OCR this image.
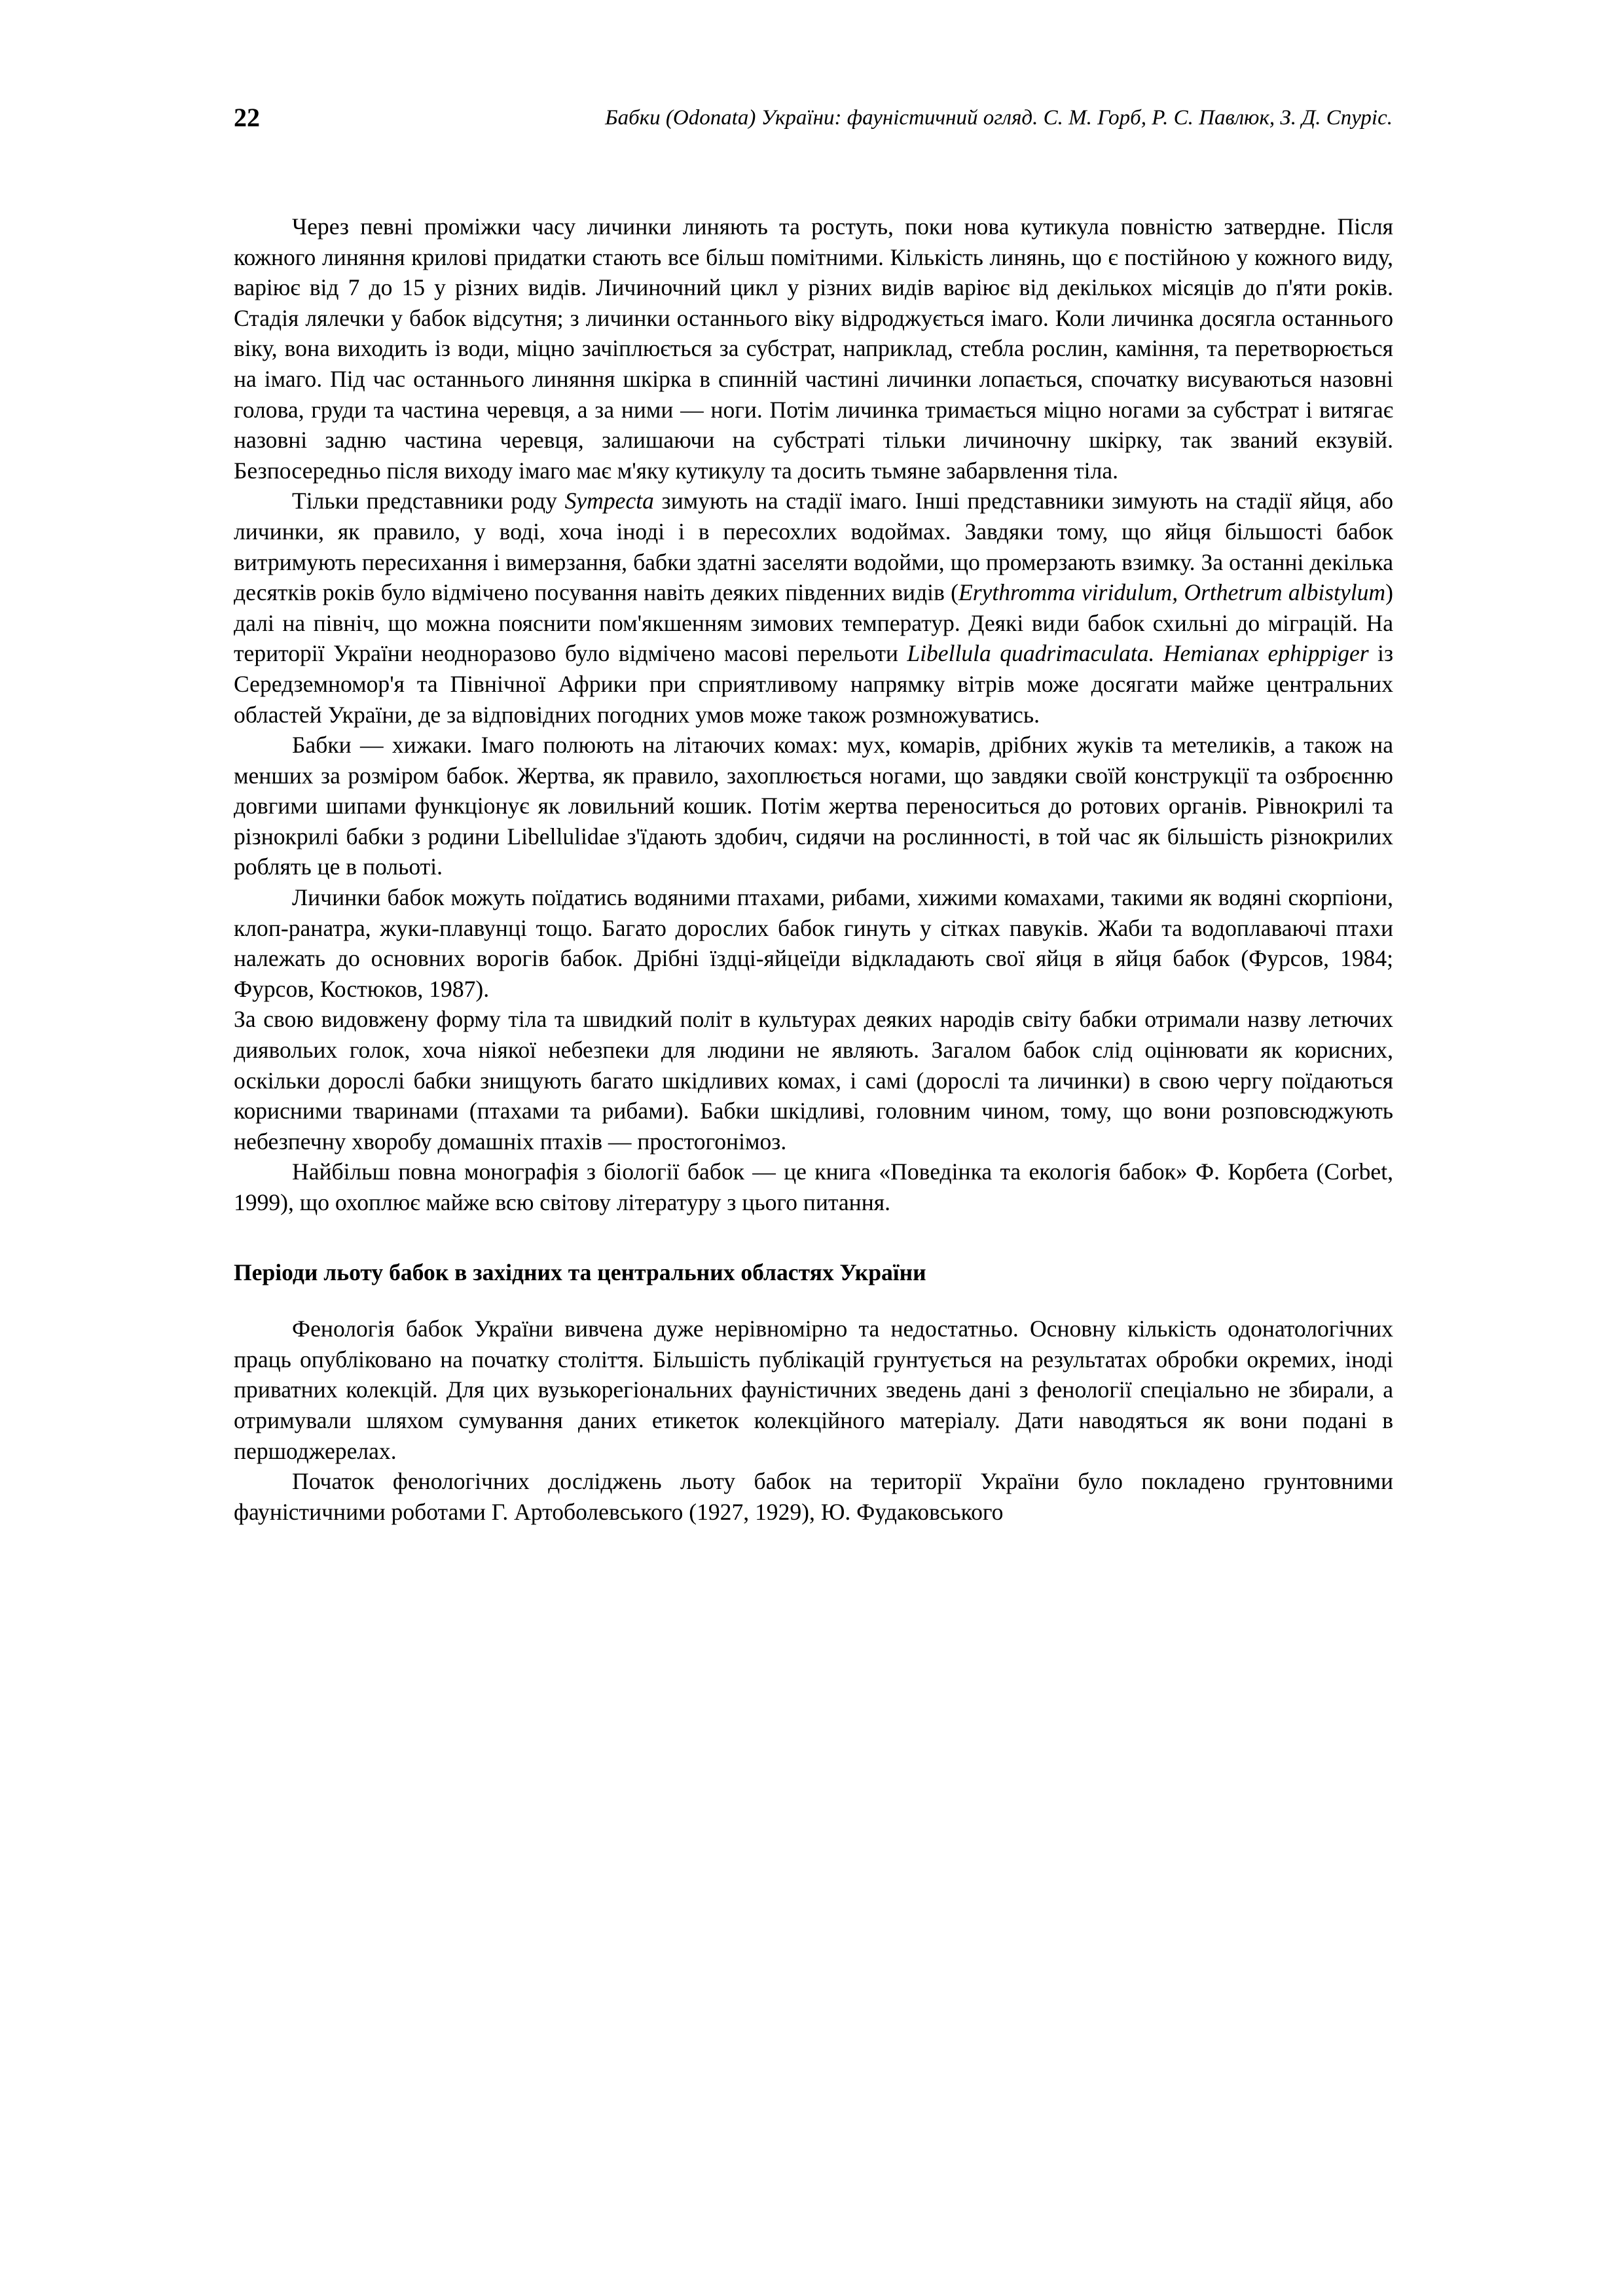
22	Бабки (Odonata) України: фауністичний огляд. С. М. Горб, Р. С. Павлюк, З. Д. Спурiс.

Через певні проміжки часу личинки линяють та ростуть, поки нова кутикула повністю затвердне. Після кожного линяння крилові придатки стають все більш помітними. Кількість линянь, що є постійною у кожного виду, варіює від 7 до 15 у різних видів. Личиночний цикл у різних видів варіює від декількох місяців до п'яти років. Стадія лялечки у бабок відсутня; з личинки останнього віку відроджується імаго. Коли личинка досягла останнього віку, вона виходить із води, міцно зачіплюється за субстрат, наприклад, стебла рослин, каміння, та перетворюється на імаго. Під час останнього линяння шкірка в спинній частині личинки лопається, спочатку висуваються назовні голова, груди та частина черевця, а за ними — ноги. Потім личинка тримається міцно ногами за субстрат і витягає назовні задню частина черевця, залишаючи на субстраті тільки личиночну шкірку, так званий екзувій. Безпосередньо після виходу імаго має м'яку кутикулу та досить тьмяне забарвлення тіла.

Тільки представники роду Sympecta зимують на стадії імаго. Інші представники зимують на стадії яйця, або личинки, як правило, у воді, хоча іноді і в пересохлих водоймах. Завдяки тому, що яйця більшості бабок витримують пересихання і вимерзання, бабки здатні заселяти водойми, що промерзають взимку. За останні декілька десятків років було відмічено посування навіть деяких південних видів (Erythromma viridulum, Orthetrum albistylum) далі на північ, що можна пояснити пом'якшенням зимових температур. Деякі види бабок схильні до міграцій. На території України неодноразово було відмічено масові перельоти Libellula quadrimaculata. Hemianax ephippiger із Середземномор'я та Північної Африки при сприятливому напрямку вітрів може досягати майже центральних областей України, де за відповідних погодних умов може також розмножуватись.

Бабки — хижаки. Імаго полюють на літаючих комах: мух, комарів, дрібних жуків та метеликів, а також на менших за розміром бабок. Жертва, як правило, захоплюється ногами, що завдяки своїй конструкції та озброєнню довгими шипами функціонує як ловильний кошик. Потім жертва переноситься до ротових органів. Рівнокрилі та різнокрилі бабки з родини Libellulidae з'їдають здобич, сидячи на рослинності, в той час як більшість різнокрилих роблять це в польоті.

Личинки бабок можуть поїдатись водяними птахами, рибами, хижими комахами, такими як водяні скорпіони, клоп-ранатра, жуки-плавунці тощо. Багато дорослих бабок гинуть у сітках павуків. Жаби та водоплаваючі птахи належать до основних ворогів бабок. Дрібні їздці-яйцеїди відкладають свої яйця в яйця бабок (Фурсов, 1984; Фурсов, Костюков, 1987).

За свою видовжену форму тіла та швидкий політ в культурах деяких народів світу бабки отримали назву летючих диявольих голок, хоча ніякої небезпеки для людини не являють. Загалом бабок слід оцінювати як корисних, оскільки дорослі бабки знищують багато шкідливих комах, і самі (дорослі та личинки) в свою чергу поїдаються корисними тваринами (птахами та рибами). Бабки шкідливі, головним чином, тому, що вони розповсюджують небезпечну хворобу домашніх птахів — простогонімоз.

Найбільш повна монографія з біології бабок — це книга «Поведінка та екологія бабок» Ф. Корбета (Corbet, 1999), що охоплює майже всю світову літературу з цього питання.

Періоди льоту бабок в західних та центральних областях України

Фенологія бабок України вивчена дуже нерівномірно та недостатньо. Основну кількість одонатологічних праць опубліковано на початку століття. Більшість публікацій грунтується на результатах обробки окремих, іноді приватних колекцій. Для цих вузькорегіональних фауністичних зведень дані з фенології спеціально не збирали, а отримували шляхом сумування даних етикеток колекційного матеріалу. Дати наводяться як вони подані в першоджерелах.

Початок фенологічних досліджень льоту бабок на території України було покладено грунтовними фауністичними роботами Г. Артоболевського (1927, 1929), Ю. Фудаковського
